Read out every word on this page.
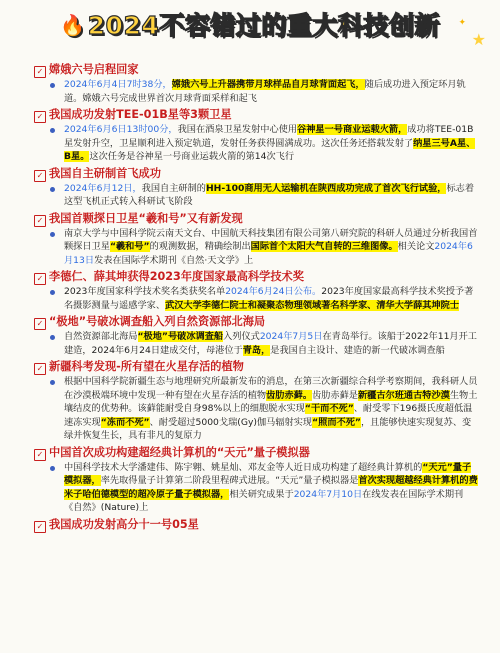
🔥2024不容错过的重大科技创新	★
✦
✓ 嫦娥六号启程回家
2024年6月4日7时38分，嫦娥六号上升器携带月球样品自月球背面起飞，随后成功进入预定环月轨道。嫦娥六号完成世界首次月球背面采样和起飞
✓ 我国成功发射TEE-01B星等3颗卫星
2024年6月6日13时00分，我国在酒泉卫星发射中心使用谷神星一号商业运载火箭，成功将TEE-01B星发射升空，卫星顺利进入预定轨道，发射任务获得圆满成功。这次任务还搭载发射了纳星三号A星、B星。这次任务是谷神星一号商业运载火箭的第14次飞行
✓ 我国自主研制首飞成功
2024年6月12日，我国自主研制的HH-100商用无人运输机在陕西成功完成了首次飞行试验，标志着这型飞机正式转入科研试飞阶段
✓ 我国首颗探日卫星“羲和号”又有新发现
南京大学与中国科学院云南天文台、中国航天科技集团有限公司第八研究院的科研人员通过分析我国首颗探日卫星“羲和号”的观测数据，精确绘制出国际首个太阳大气自转的三维图像。相关论文2024年6月13日发表在国际学术期刊《自然·天文学》上
✓ 李德仁、薛其坤获得2023年度国家最高科学技术奖
2023年度国家科学技术奖名类获奖名单2024年6月24日公布。2023年度国家最高科学技术奖授予著名摄影测量与遥感学家、武汉大学李德仁院士和凝聚态物理领域著名科学家、清华大学薛其坤院士
✓ “极地”号破冰调查船入列自然资源部北海局
自然资源部北海局“极地”号破冰调查船入列仪式2024年7月5日在青岛举行。该船于2022年11月开工建造，2024年6月24日建成交付，母港位于青岛，是我国自主设计、建造的新一代破冰调查船
✓ 新疆科考发现-所有望在火星存活的植物
根据中国科学院新疆生态与地理研究所最新发布的消息，在第三次新疆综合科学考察期间，我科研人员在沙漠极端环境中发现一种有望在火星存活的植物齿肋赤藓。齿肋赤藓是新疆古尔班通古特沙漠生物土壤结皮的优势种。该藓能耐受自身98%以上的细胞脱水实现“干而不死”、耐受零下196摄氏度超低温速冻实现“冻而不死”、耐受超过5000戈瑞(Gy)伽马辐射实现“照而不死”，且能够快速实现复苏、变绿并恢复生长，具有非凡的复原力
✓ 中国首次成功构建超经典计算机的“天元”量子模拟器
中国科学技术大学潘建伟、陈宇翱、姚星灿、邓友金等人近日成功构建了超经典计算机的“天元”量子模拟器，率先取得量子计算第二阶段里程碑式进展。“天元”量子模拟器是首次实现超越经典计算机的费米子哈伯德模型的超冷原子量子模拟器，相关研究成果于2024年7月10日在线发表在国际学术期刊《自然》(Nature)上
✓ 我国成功发射高分十一号05星
